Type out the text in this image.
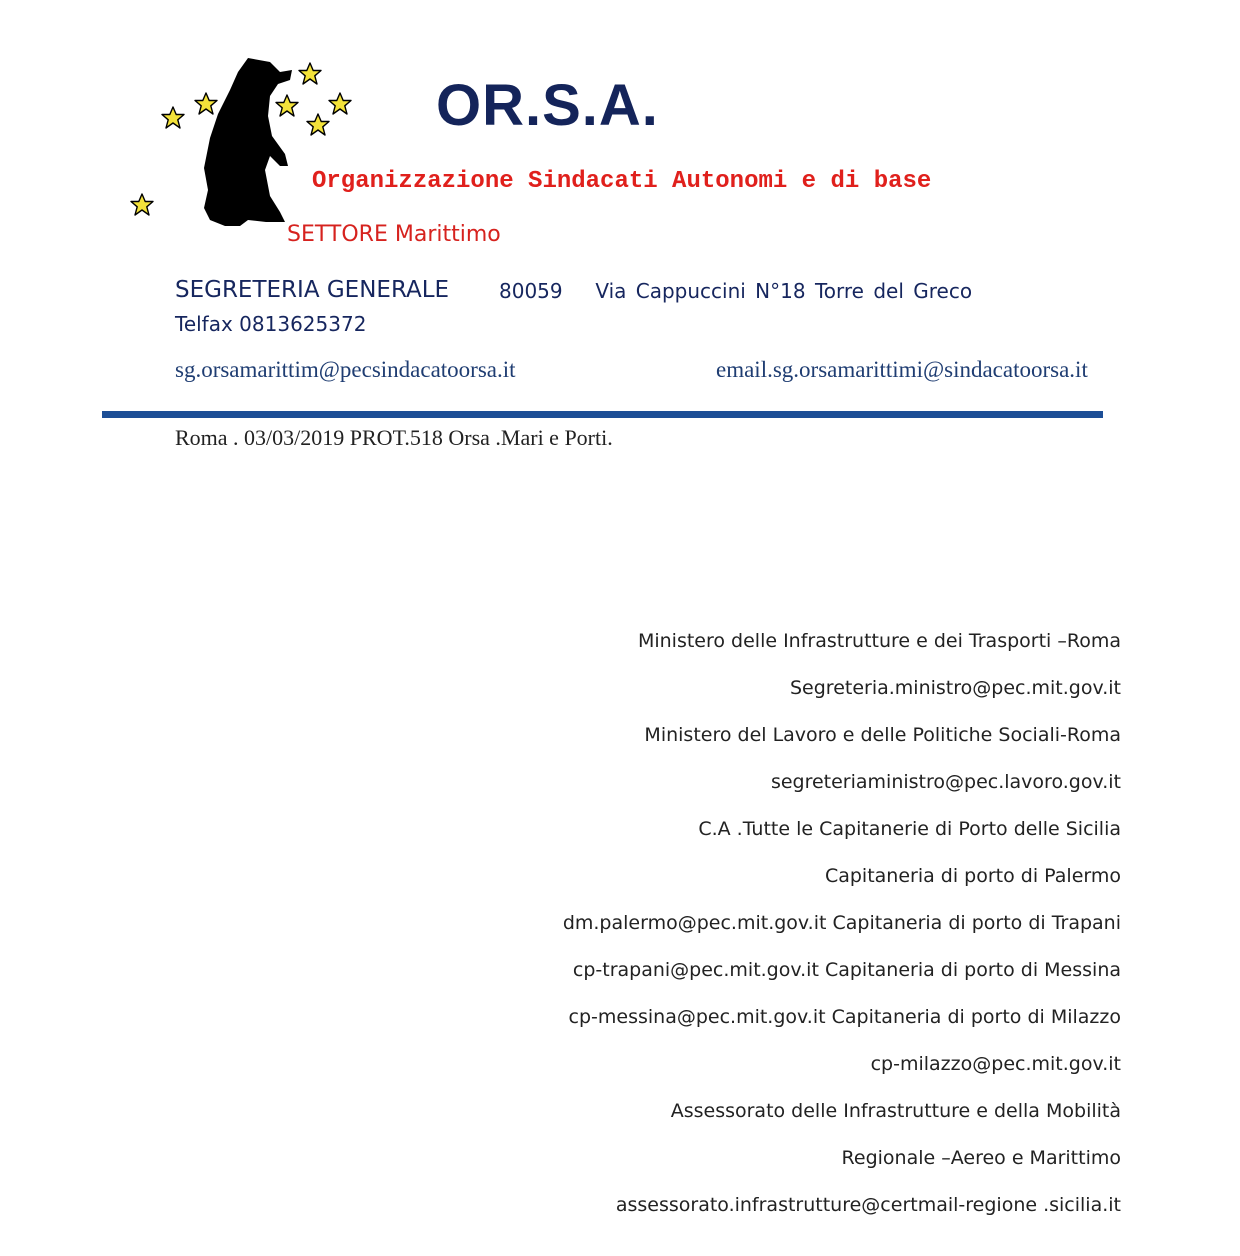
OR.S.A.
Organizzazione Sindacati Autonomi e di base
SETTORE Marittimo
SEGRETERIA GENERALE 80059 Via Cappuccini N°18 Torre del Greco
Telfax 0813625372
sg.orsamarittim@pecsindacatoorsa.it	email.sg.orsamarittimi@sindacatoorsa.it
Roma . 03/03/2019 PROT.518 Orsa .Mari e Porti.
Ministero delle Infrastrutture e dei Trasporti –Roma
Segreteria.ministro@pec.mit.gov.it
Ministero del Lavoro e delle Politiche Sociali-Roma
segreteriaministro@pec.lavoro.gov.it
C.A .Tutte le Capitanerie di Porto delle Sicilia
Capitaneria di porto di Palermo
dm.palermo@pec.mit.gov.it Capitaneria di porto di Trapani
cp-trapani@pec.mit.gov.it Capitaneria di porto di Messina
cp-messina@pec.mit.gov.it Capitaneria di porto di Milazzo
cp-milazzo@pec.mit.gov.it
Assessorato delle Infrastrutture e della Mobilità
Regionale –Aereo e Marittimo
assessorato.infrastrutture@certmail-regione .sicilia.it
